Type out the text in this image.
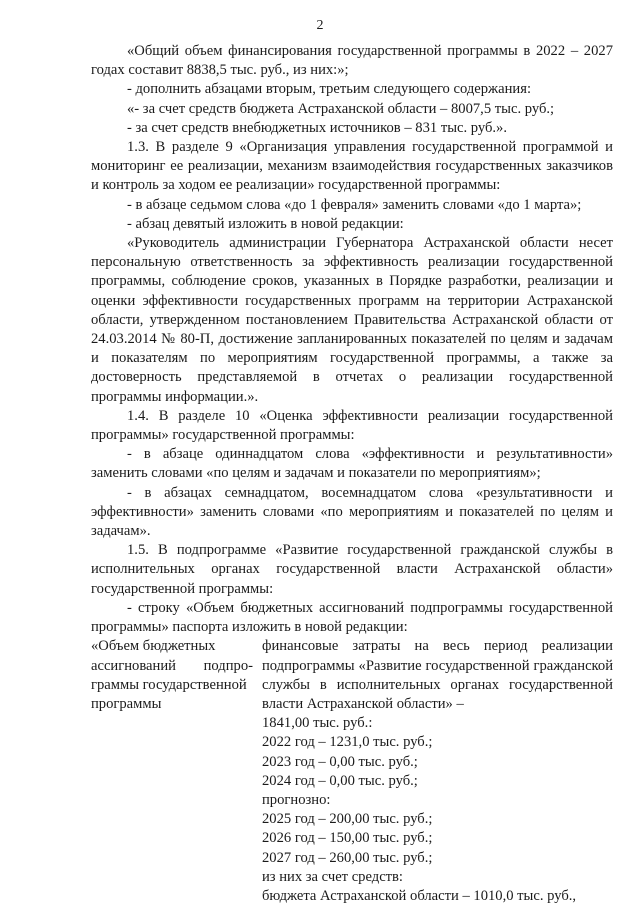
2

«Общий объем финансирования государственной программы в 2022 – 2027 годах составит 8838,5 тыс. руб., из них:»;

- дополнить абзацами вторым, третьим следующего содержания:

«- за счет средств бюджета Астраханской области – 8007,5 тыс. руб.;

- за счет средств внебюджетных источников – 831 тыс. руб.».

1.3. В разделе 9 «Организация управления государственной программой и мониторинг ее реализации, механизм взаимодействия государственных заказчиков и контроль за ходом ее реализации» государственной программы:

- в абзаце седьмом слова «до 1 февраля» заменить словами «до 1 марта»;

- абзац девятый изложить в новой редакции:

«Руководитель администрации Губернатора Астраханской области несет персональную ответственность за эффективность реализации государственной программы, соблюдение сроков, указанных в Порядке разработки, реализации и оценки эффективности государственных программ на территории Астраханской области, утвержденном постановлением Правительства Астраханской области от 24.03.2014 № 80-П, достижение запланированных показателей по целям и задачам и показателям по мероприятиям государственной программы, а также за достоверность представляемой в отчетах о реализации государственной программы информации.».

1.4. В разделе 10 «Оценка эффективности реализации государственной программы» государственной программы:

- в абзаце одиннадцатом слова «эффективности и результативности» заменить словами «по целям и задачам и показатели по мероприятиям»;

- в абзацах семнадцатом, восемнадцатом слова «результативности и эффективности» заменить словами «по мероприятиям и показателей по целям и задачам».

1.5. В подпрограмме «Развитие государственной гражданской службы в исполнительных органах государственной власти Астраханской области» государственной программы:

- строку «Объем бюджетных ассигнований подпрограммы государственной программы» паспорта изложить в новой редакции:

«Объем бюджетных
ассигнований подпро-
граммы государственной
программы
финансовые затраты на весь период реализации подпрограммы «Развитие государственной гражданской службы в исполнительных органах государственной власти Астраханской области» –
1841,00 тыс. руб.:
2022 год – 1231,0 тыс. руб.;
2023 год – 0,00 тыс. руб.;
2024 год – 0,00 тыс. руб.;
прогнозно:
2025 год – 200,00 тыс. руб.;
2026 год – 150,00 тыс. руб.;
2027 год – 260,00 тыс. руб.;
из них за счет средств:
бюджета Астраханской области – 1010,0 тыс. руб.,
